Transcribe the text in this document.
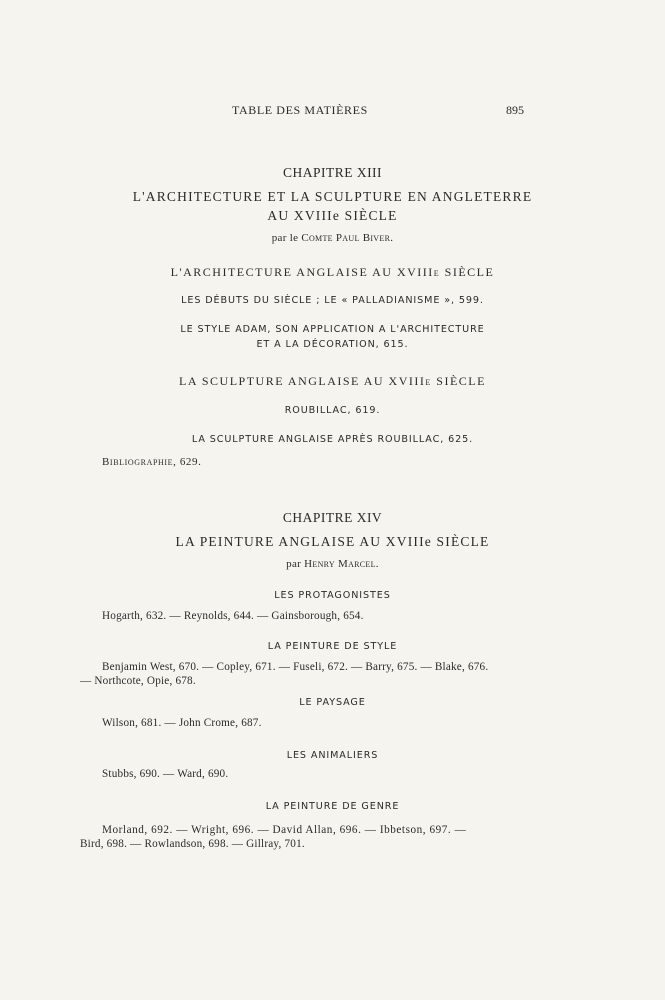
TABLE DES MATIÈRES	895
CHAPITRE XIII
L'ARCHITECTURE ET LA SCULPTURE EN ANGLETERRE
AU XVIIIe SIÈCLE
par le Comte Paul Biver.
L'ARCHITECTURE ANGLAISE AU XVIIIe SIÈCLE
LES DÉBUTS DU SIÈCLE ; LE « PALLADIANISME », 599.
LE STYLE ADAM, SON APPLICATION A L'ARCHITECTURE
ET A LA DÉCORATION, 615.
LA SCULPTURE ANGLAISE AU XVIIIe SIÈCLE
ROUBILLAC, 619.
LA SCULPTURE ANGLAISE APRÈS ROUBILLAC, 625.
Bibliographie, 629.
CHAPITRE XIV
LA PEINTURE ANGLAISE AU XVIIIe SIÈCLE
par Henry Marcel.
LES PROTAGONISTES
Hogarth, 632. — Reynolds, 644. — Gainsborough, 654.
LA PEINTURE DE STYLE
Benjamin West, 670. — Copley, 671. — Fuseli, 672. — Barry, 675. — Blake, 676.
— Northcote, Opie, 678.
LE PAYSAGE
Wilson, 681. — John Crome, 687.
LES ANIMALIERS
Stubbs, 690. — Ward, 690.
LA PEINTURE DE GENRE
Morland, 692. — Wright, 696. — David Allan, 696. — Ibbetson, 697. —
Bird, 698. — Rowlandson, 698. — Gillray, 701.
